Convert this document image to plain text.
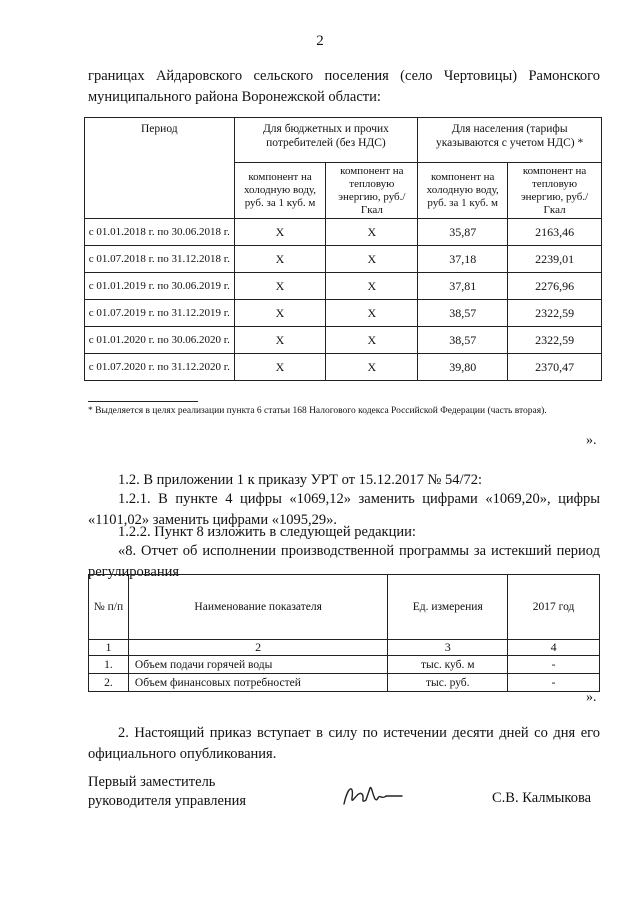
2
границах Айдаровского сельского поселения (село Чертовицы) Рамонского
муниципального района Воронежской области:
Период	Для бюджетных и прочих потребителей (без НДС)		Для населения (тарифы указываются с учетом НДС) *	
	компонент на холодную воду, руб. за 1 куб. м	компонент на тепловую энергию, руб./Гкал	компонент на холодную воду, руб. за 1 куб. м	компонент на тепловую энергию, руб./Гкал
с 01.01.2018 г. по 30.06.2018 г.	X	X	35,87	2163,46
с 01.07.2018 г. по 31.12.2018 г.	X	X	37,18	2239,01
с 01.01.2019 г. по 30.06.2019 г.	X	X	37,81	2276,96
с 01.07.2019 г. по 31.12.2019 г.	X	X	38,57	2322,59
с 01.01.2020 г. по 30.06.2020 г.	X	X	38,57	2322,59
с 01.07.2020 г. по 31.12.2020 г.	X	X	39,80	2370,47
* Выделяется в целях реализации пункта 6 статьи 168 Налогового кодекса Российской Федерации (часть вторая).
».
1.2. В приложении 1 к приказу УРТ от 15.12.2017 № 54/72:
1.2.1. В пункте 4 цифры «1069,12» заменить цифрами «1069,20», цифры «1101,02» заменить цифрами «1095,29».
1.2.2. Пункт 8 изложить в следующей редакции:
«8. Отчет об исполнении производственной программы за истекший период регулирования
№ п/п	Наименование показателя	Ед. измерения	2017 год
1	2	3	4
1.	Объем подачи горячей воды	тыс. куб. м	-
2.	Объем финансовых потребностей	тыс. руб.	-
».
2. Настоящий приказ вступает в силу по истечении десяти дней со дня его официального опубликования.
Первый заместитель
руководителя управления	С.В. Калмыкова
